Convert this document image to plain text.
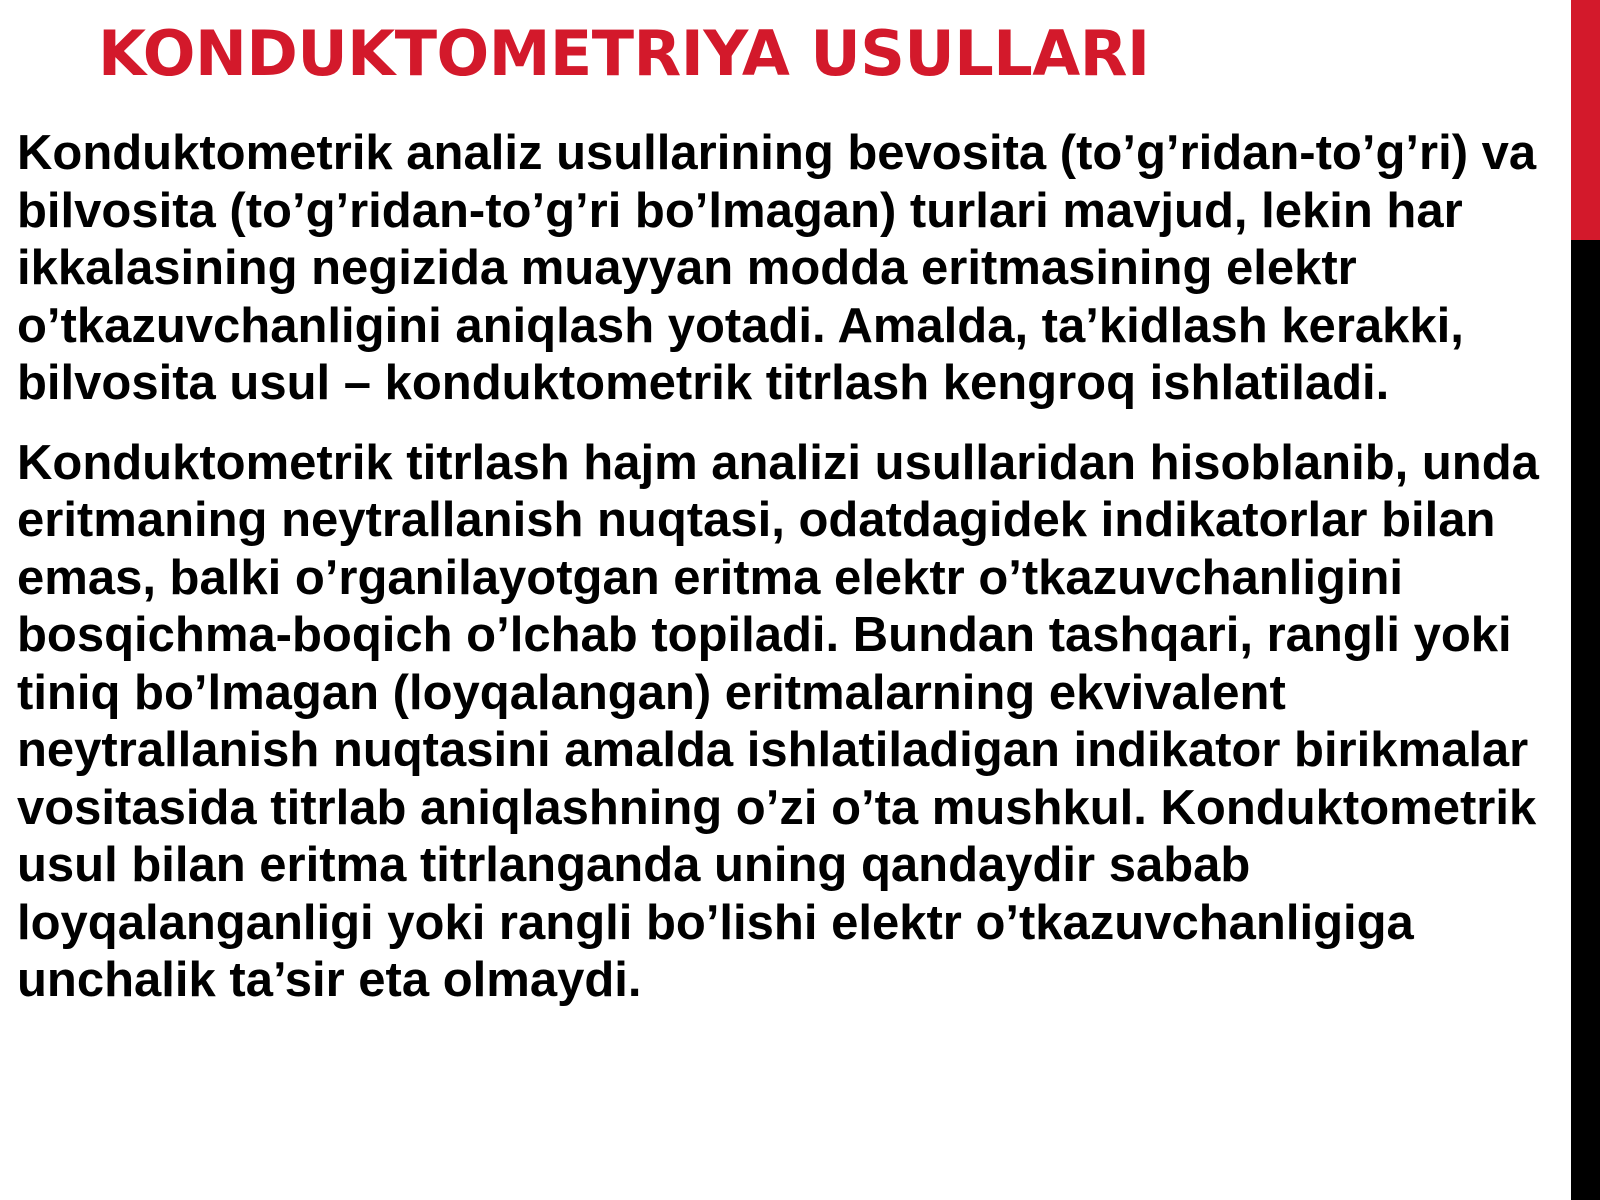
KONDUKTOMETRIYA USULLARI

Konduktometrik analiz usullarining bevosita (to’g’ridan-to’g’ri) va bilvosita (to’g’ridan-to’g’ri bo’lmagan) turlari mavjud, lekin har ikkalasining negizida muayyan modda eritmasining elektr o’tkazuvchanligini aniqlash yotadi. Amalda, ta’kidlash kerakki, bilvosita usul – konduktometrik titrlash kengroq ishlatiladi.

Konduktometrik titrlash hajm analizi usullaridan hisoblanib, unda eritmaning neytrallanish nuqtasi, odatdagidek indikatorlar bilan emas, balki o’rganilayotgan eritma elektr o’tkazuvchanligini bosqichma-boqich o’lchab topiladi. Bundan tashqari, rangli yoki tiniq bo’lmagan (loyqalangan) eritmalarning ekvivalent neytrallanish nuqtasini amalda ishlatiladigan indikator birikmalar vositasida titrlab aniqlashning o’zi o’ta mushkul. Konduktometrik usul bilan eritma titrlanganda uning qandaydir sabab loyqalanganligi yoki rangli bo’lishi elektr o’tkazuvchanligiga unchalik ta’sir eta olmaydi.
